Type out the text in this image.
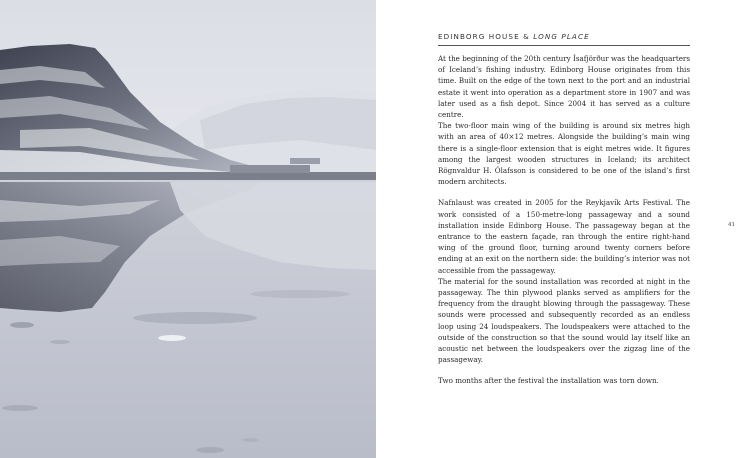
EDINBORG HOUSE & LONG PLACE

At the beginning of the 20th century Ísafjörður was the headquarters of Iceland’s fishing industry. Edinborg House originates from this time. Built on the edge of the town next to the port and an industrial estate it went into operation as a department store in 1907 and was later used as a fish depot. Since 2004 it has served as a culture centre.

The two-floor main wing of the building is around six metres high with an area of 40×12 metres. Alongside the building’s main wing there is a single-floor extension that is eight metres wide. It figures among the largest wooden structures in Iceland; its architect Rögnvaldur H. Ólafsson is considered to be one of the island’s first modern architects.

Nafnlaust was created in 2005 for the Reykjavík Arts Festival. The work consisted of a 150-metre-long passageway and a sound installation inside Edinborg House. The passageway began at the entrance to the eastern façade, ran through the entire right-hand wing of the ground floor, turning around twenty corners before ending at an exit on the northern side: the building’s interior was not accessible from the passageway.

The material for the sound installation was recorded at night in the passageway. The thin plywood planks served as amplifiers for the frequency from the draught blowing through the passageway. These sounds were processed and subsequently recorded as an endless loop using 24 loudspeakers. The loudspeakers were attached to the outside of the construction so that the sound would lay itself like an acoustic net between the loudspeakers over the zigzag line of the passageway.

Two months after the festival the installation was torn down.

41
